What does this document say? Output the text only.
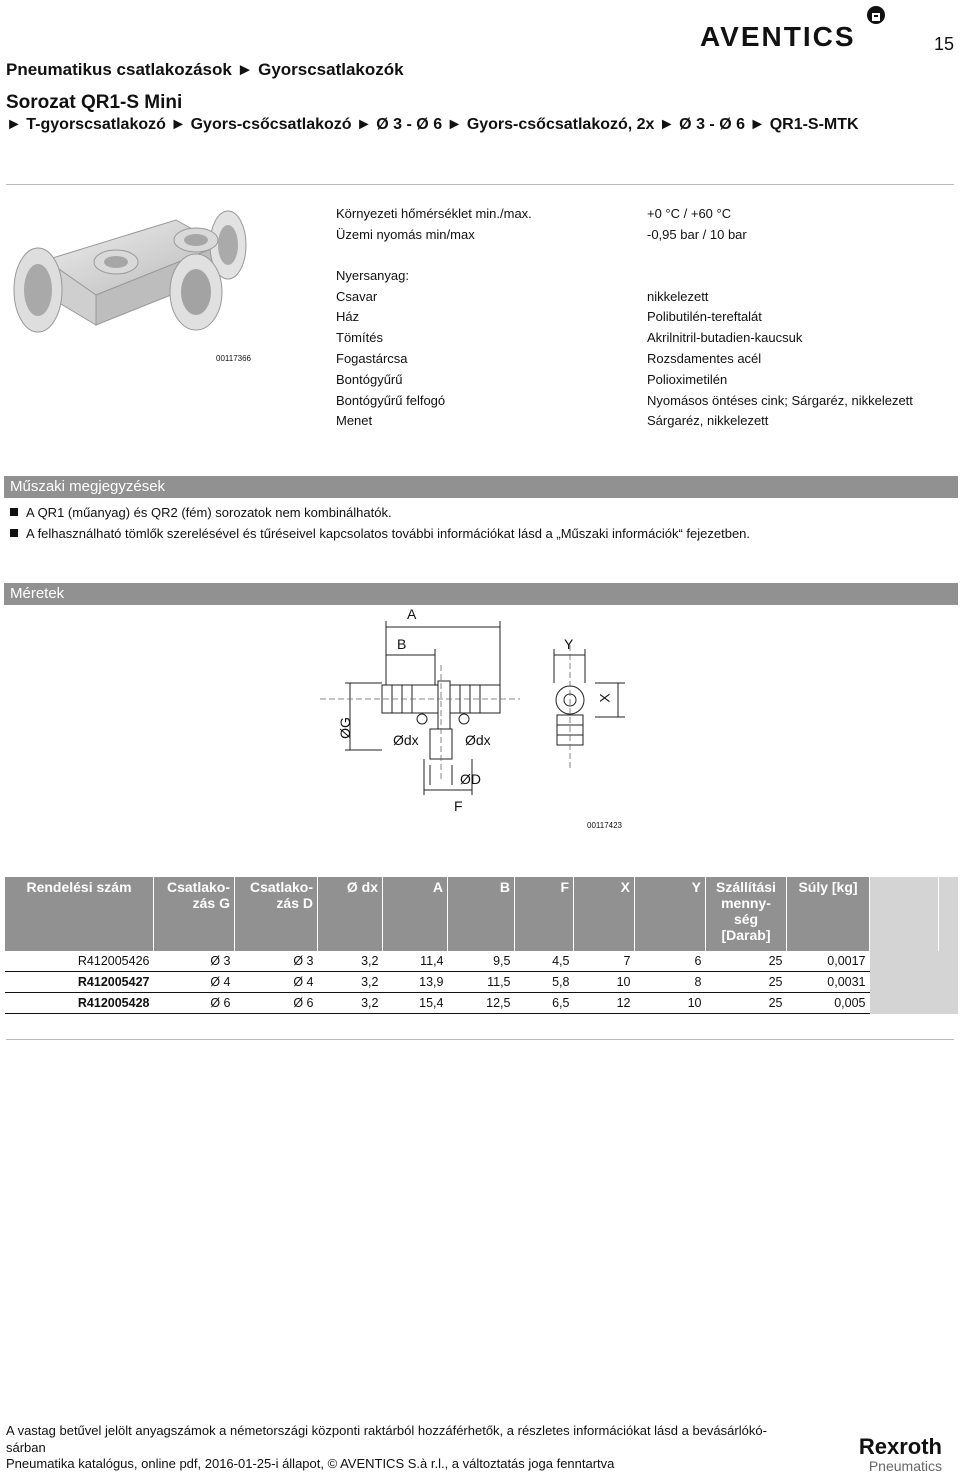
15
AVENTICS
Pneumatikus csatlakozások ► Gyorscsatlakozók
Sorozat QR1-S Mini
► T-gyorscsatlakozó ► Gyors-csőcsatlakozó ► Ø 3 - Ø 6 ► Gyors-csőcsatlakozó, 2x ► Ø 3 - Ø 6 ► QR1-S-MTK
00117366
Környezeti hőmérséklet min./max.	+0 °C / +60 °C
Üzemi nyomás min/max	-0,95 bar / 10 bar
Nyersanyag:
Csavar	nikkelezett
Ház	Polibutilén-tereftalát
Tömítés	Akrilnitril-butadien-kaucsuk
Fogastárcsa	Rozsdamentes acél
Bontógyűrű	Polioximetilén
Bontógyűrű felfogó	Nyomásos öntéses cink; Sárgaréz, nikkelezett
Menet	Sárgaréz, nikkelezett
Műszaki megjegyzések
A QR1 (műanyag) és QR2 (fém) sorozatok nem kombinálhatók.
A felhasználható tömlők szerelésével és tűréseivel kapcsolatos további információkat lásd a „Műszaki információk“ fejezetben.
Méretek
A
B	Y
X
ØG
Ødx	Ødx
ØD
F
00117423
Rendelési szám	Csatlako- zás G	Csatlako- zás D	Ø dx	A	B	F	X	Y	Szállítási menny- ség [Darab]	Súly [kg]		
R412005426	Ø 3	Ø 3	3,2	11,4	9,5	4,5	7	6	25	0,0017		
R412005427	Ø 4	Ø 4	3,2	13,9	11,5	5,8	10	8	25	0,0031		
R412005428	Ø 6	Ø 6	3,2	15,4	12,5	6,5	12	10	25	0,005		
A vastag betűvel jelölt anyagszámok a németországi központi raktárból hozzáférhetők, a részletes információkat lásd a bevásárlókó-
sárban
Pneumatika katalógus, online pdf, 2016-01-25-i állapot, © AVENTICS S.à r.l., a változtatás joga fenntartva
Rexroth
Pneumatics
